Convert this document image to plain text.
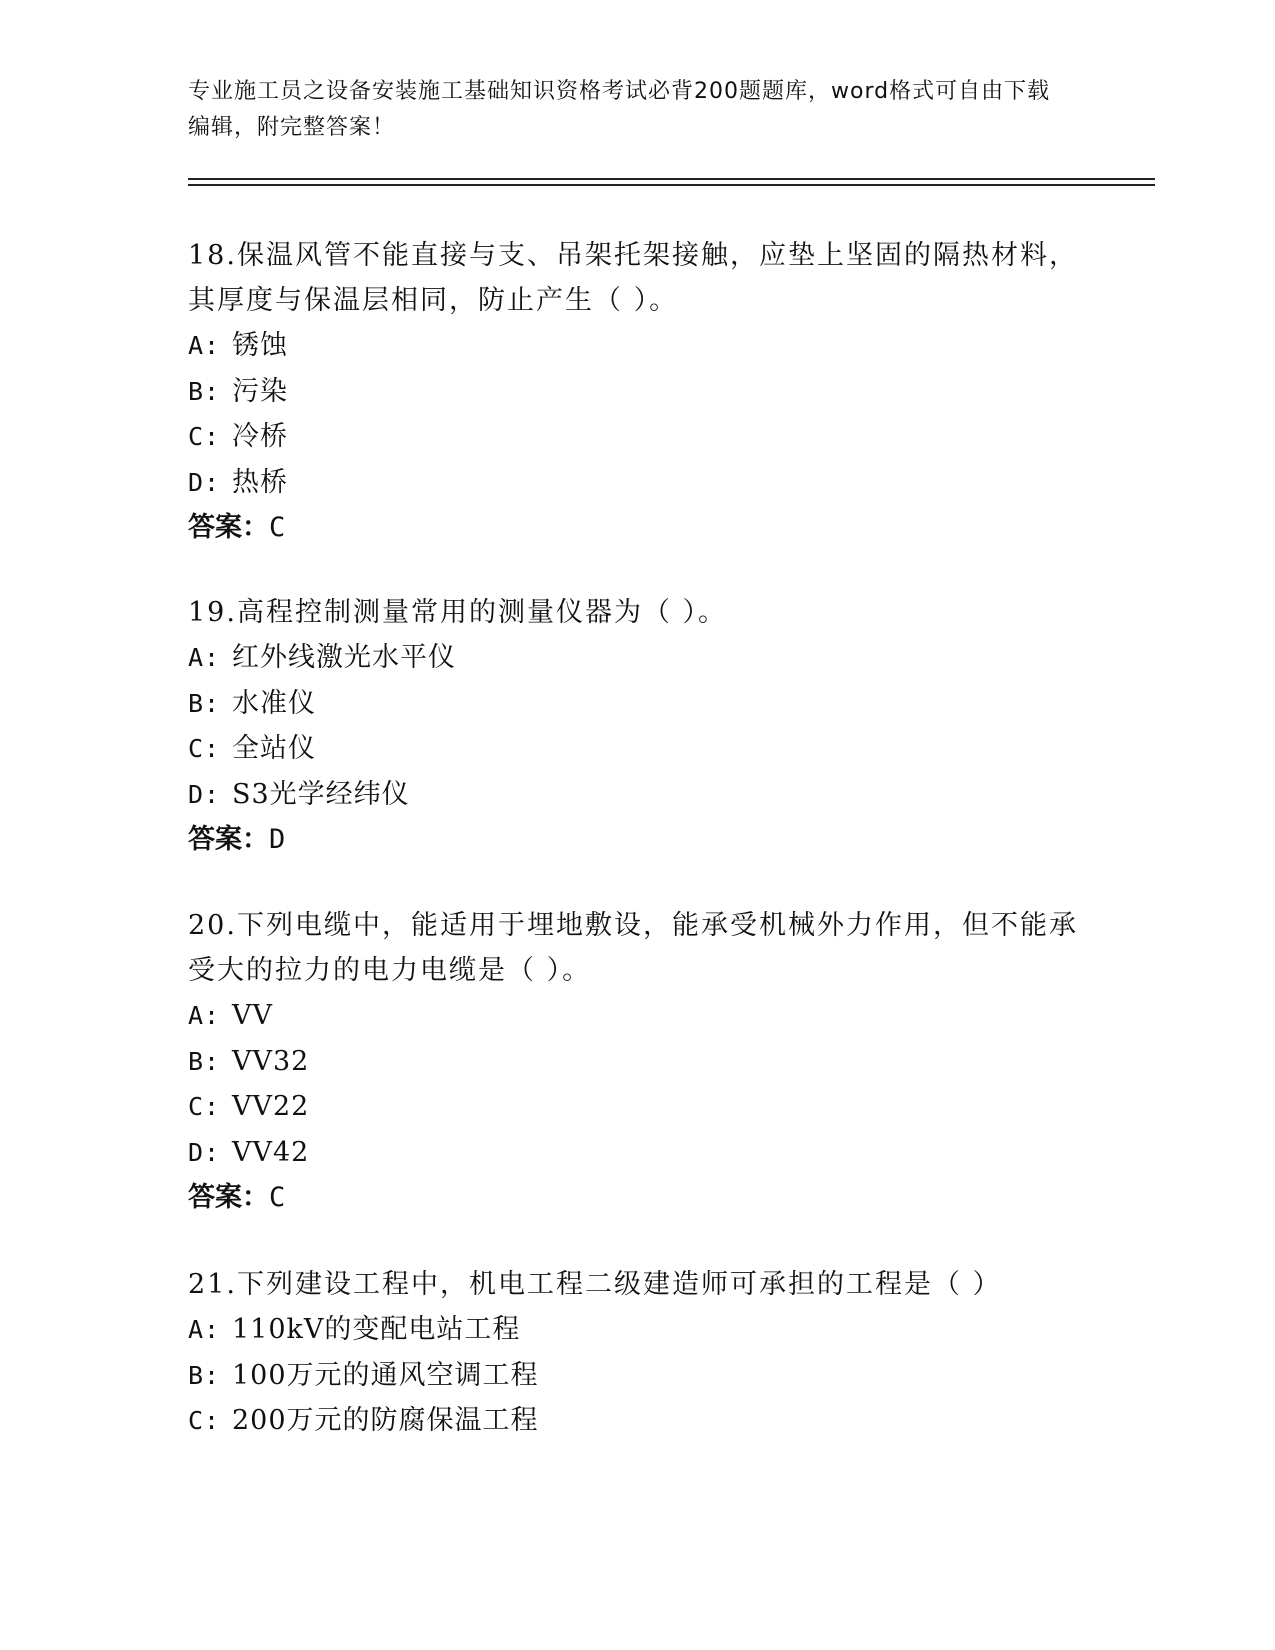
专业施工员之设备安装施工基础知识资格考试必背200题题库，word格式可自由下载编辑，附完整答案！

18.保温风管不能直接与支、吊架托架接触，应垫上坚固的隔热材料，其厚度与保温层相同，防止产生（ ）。

A: 锈蚀

B: 污染

C: 冷桥

D: 热桥

答案：C

19.高程控制测量常用的测量仪器为（ ）。

A: 红外线激光水平仪

B: 水准仪

C: 全站仪

D: S3光学经纬仪

答案：D

20.下列电缆中，能适用于埋地敷设，能承受机械外力作用，但不能承受大的拉力的电力电缆是（ ）。

A: VV

B: VV32

C: VV22

D: VV42

答案：C

21.下列建设工程中，机电工程二级建造师可承担的工程是（ ）

A: 110kV的变配电站工程

B: 100万元的通风空调工程

C: 200万元的防腐保温工程
